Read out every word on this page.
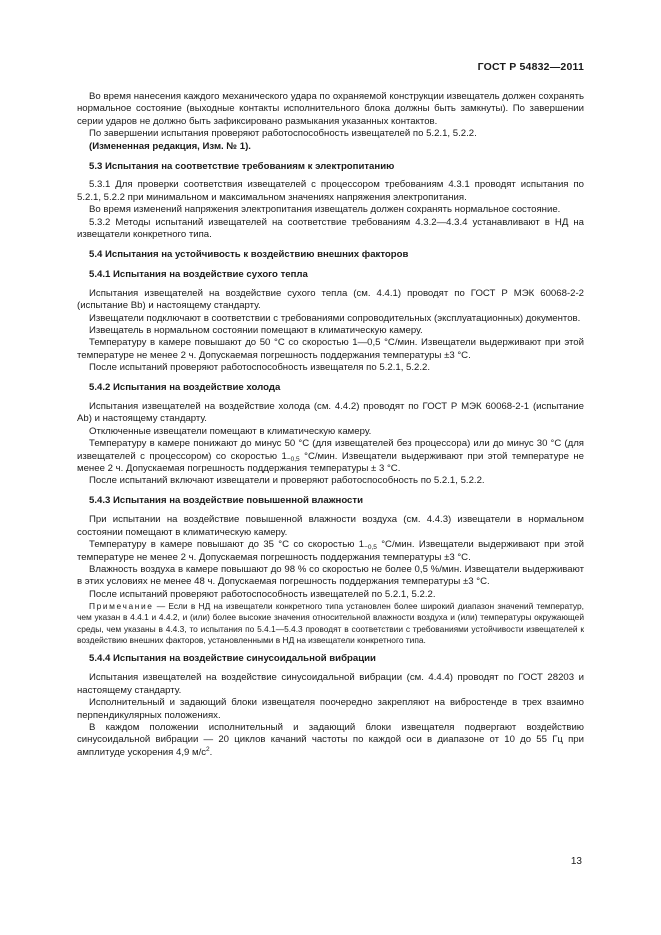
ГОСТ Р 54832—2011

Во время нанесения каждого механического удара по охраняемой конструкции извещатель должен сохранять нормальное состояние (выходные контакты исполнительного блока должны быть замкнуты). По завершении серии ударов не должно быть зафиксировано размыкания указанных контактов.

По завершении испытания проверяют работоспособность извещателей по 5.2.1, 5.2.2.

(Измененная редакция, Изм. № 1).

5.3 Испытания на соответствие требованиям к электропитанию

5.3.1 Для проверки соответствия извещателей с процессором требованиям 4.3.1 проводят испытания по 5.2.1, 5.2.2 при минимальном и максимальном значениях напряжения электропитания.

Во время изменений напряжения электропитания извещатель должен сохранять нормальное состояние.

5.3.2 Методы испытаний извещателей на соответствие требованиям 4.3.2—4.3.4 устанавливают в НД на извещатели конкретного типа.

5.4 Испытания на устойчивость к воздействию внешних факторов

5.4.1 Испытания на воздействие сухого тепла

Испытания извещателей на воздействие сухого тепла (см. 4.4.1) проводят по ГОСТ Р МЭК 60068-2-2 (испытание Bb) и настоящему стандарту.

Извещатели подключают в соответствии с требованиями сопроводительных (эксплуатационных) документов.

Извещатель в нормальном состоянии помещают в климатическую камеру.

Температуру в камере повышают до 50 °С со скоростью 1—0,5 °С/мин. Извещатели выдерживают при этой температуре не менее 2 ч. Допускаемая погрешность поддержания температуры ±3 °С.

После испытаний проверяют работоспособность извещателя по 5.2.1, 5.2.2.

5.4.2 Испытания на воздействие холода

Испытания извещателей на воздействие холода (см. 4.4.2) проводят по ГОСТ Р МЭК 60068-2-1 (испытание Ab) и настоящему стандарту.

Отключенные извещатели помещают в климатическую камеру.

Температуру в камере понижают до минус 50 °С (для извещателей без процессора) или до минус 30 °С (для извещателей с процессором) со скоростью $1_{-0,5}$ °С/мин. Извещатели выдерживают при этой температуре не менее 2 ч. Допускаемая погрешность поддержания температуры ± 3 °С.

После испытаний включают извещатели и проверяют работоспособность по 5.2.1, 5.2.2.

5.4.3 Испытания на воздействие повышенной влажности

При испытании на воздействие повышенной влажности воздуха (см. 4.4.3) извещатели в нормальном состоянии помещают в климатическую камеру.

Температуру в камере повышают до 35 °С со скоростью $1_{-0,5}$ °С/мин. Извещатели выдерживают при этой температуре не менее 2 ч. Допускаемая погрешность поддержания температуры ±3 °С.

Влажность воздуха в камере повышают до 98 % со скоростью не более 0,5 %/мин. Извещатели выдерживают в этих условиях не менее 48 ч. Допускаемая погрешность поддержания температуры ±3 °С.

После испытаний проверяют работоспособность извещателей по 5.2.1, 5.2.2.

Примечание — Если в НД на извещатели конкретного типа установлен более широкий диапазон значений температур, чем указан в 4.4.1 и 4.4.2, и (или) более высокие значения относительной влажности воздуха и (или) температуры окружающей среды, чем указаны в 4.4.3, то испытания по 5.4.1—5.4.3 проводят в соответствии с требованиями устойчивости извещателей к воздействию внешних факторов, установленными в НД на извещатели конкретного типа.

5.4.4 Испытания на воздействие синусоидальной вибрации

Испытания извещателей на воздействие синусоидальной вибрации (см. 4.4.4) проводят по ГОСТ 28203 и настоящему стандарту.

Исполнительный и задающий блоки извещателя поочередно закрепляют на вибростенде в трех взаимно перпендикулярных положениях.

В каждом положении исполнительный и задающий блоки извещателя подвергают воздействию синусоидальной вибрации — 20 циклов качаний частоты по каждой оси в диапазоне от 10 до 55 Гц при амплитуде ускорения 4,9 $м/с^2$.

13
